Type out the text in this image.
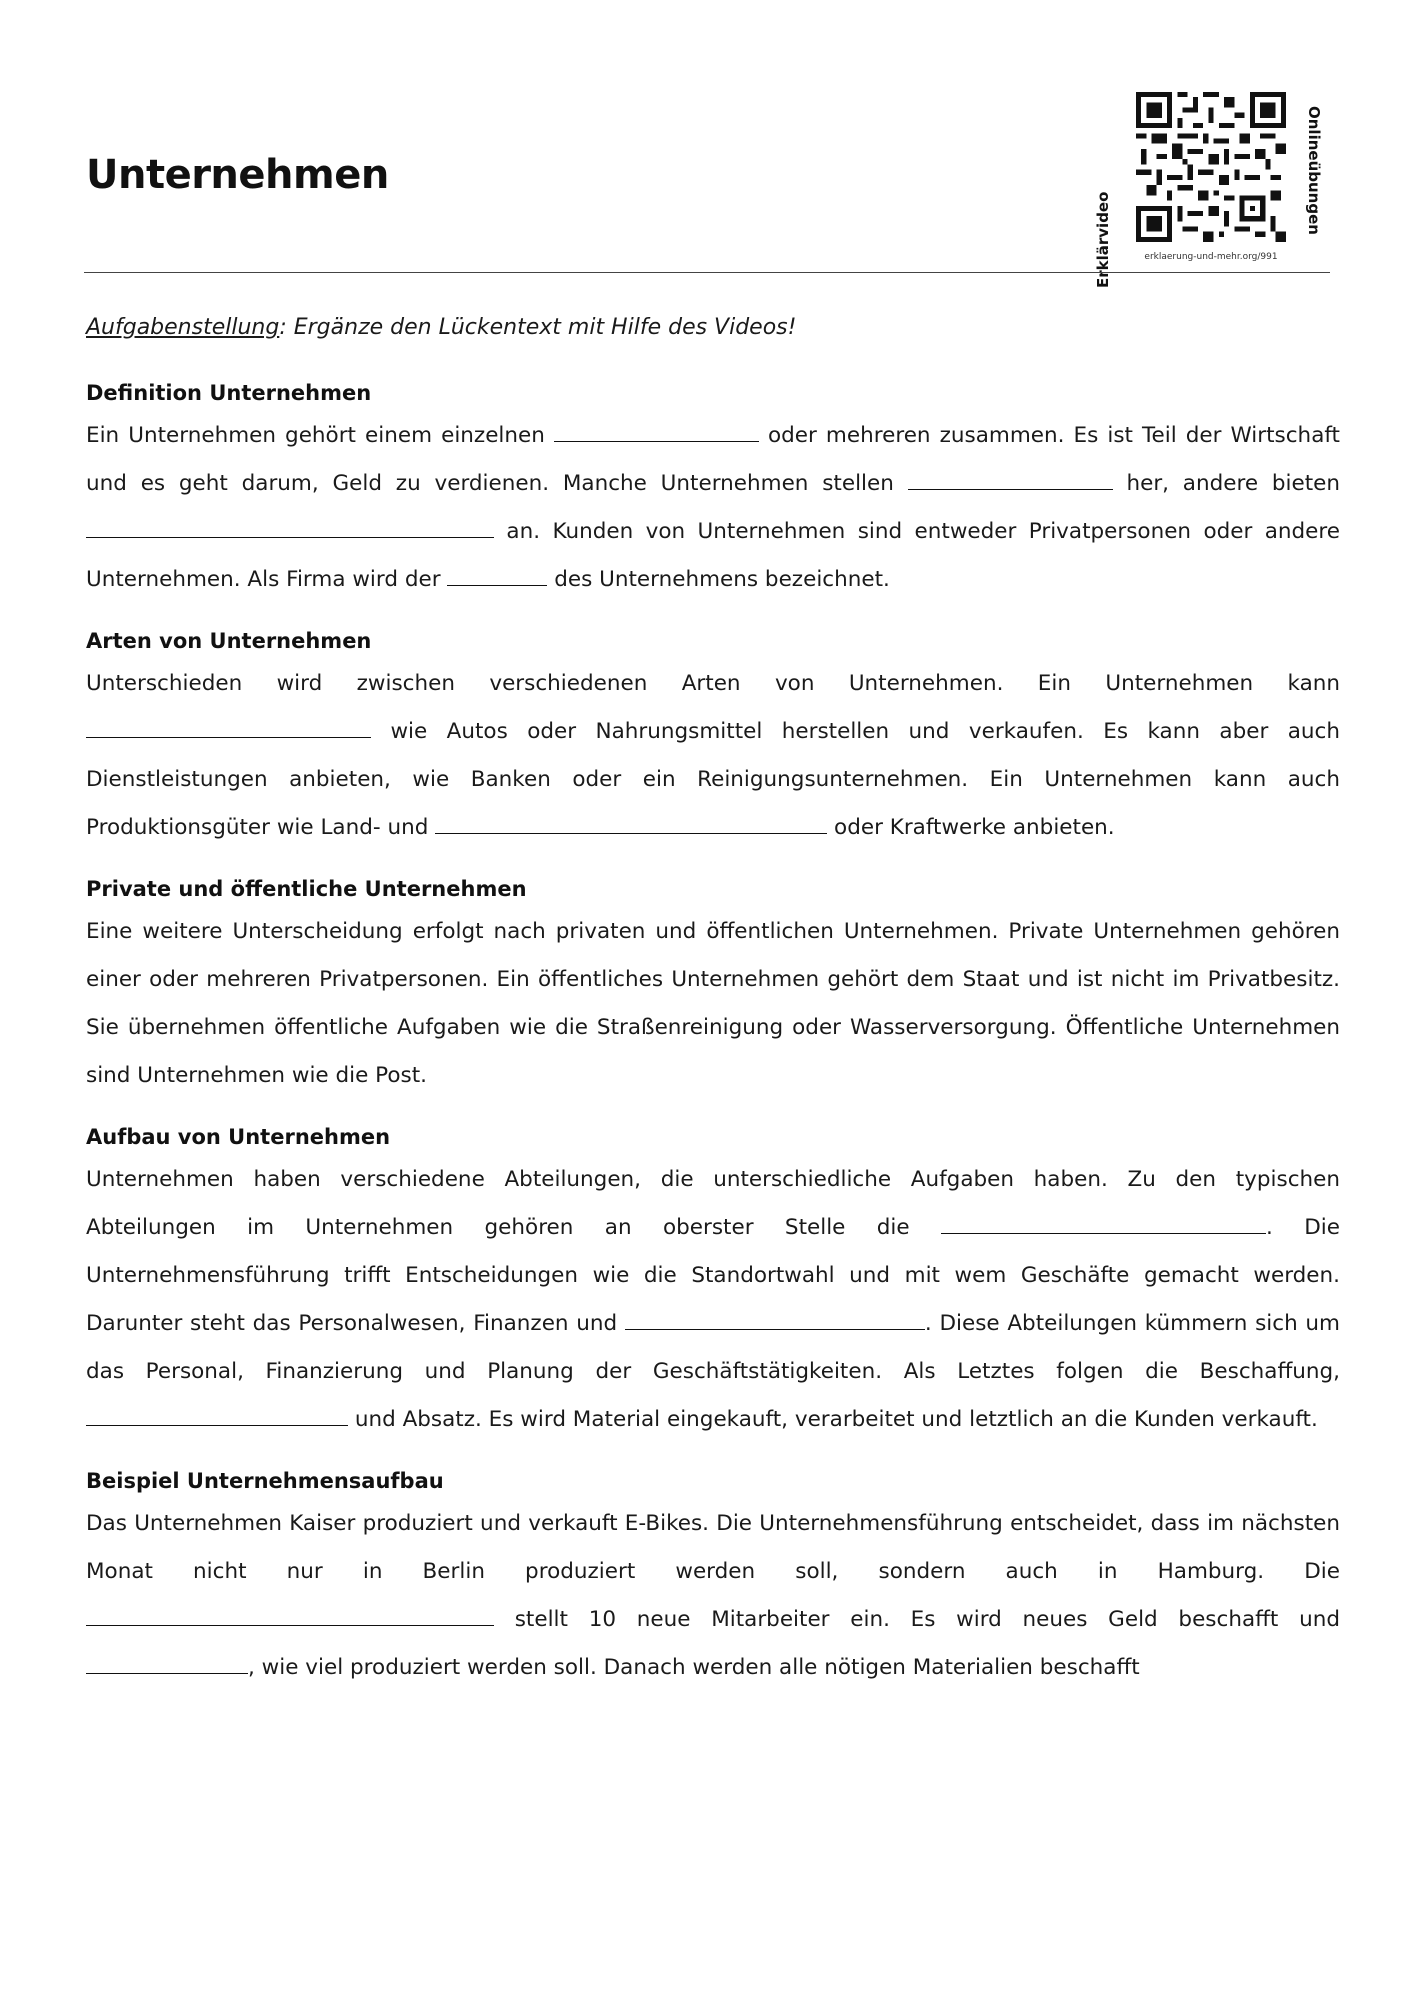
Unternehmen
Erklärvideo	erklaerung-und-mehr.org/991
Onlineübungen

Aufgabenstellung: Ergänze den Lückentext mit Hilfe des Videos!

Definition Unternehmen

Ein Unternehmen gehört einem einzelnen	oder mehreren zusammen. Es ist Teil der Wirtschaft und es geht darum, Geld zu verdienen. Manche Unternehmen stellen	her, andere bieten  an. Kunden von Unternehmen sind entweder Privatpersonen oder andere Unternehmen. Als Firma wird der	des Unternehmens bezeichnet.

Arten von Unternehmen

Unterschieden wird zwischen verschiedenen Arten von Unternehmen. Ein Unternehmen kann  wie Autos oder Nahrungsmittel herstellen und verkaufen. Es kann aber auch Dienstleistungen anbieten, wie Banken oder ein Reinigungsunternehmen. Ein Unternehmen kann auch Produktionsgüter wie Land- und	oder Kraftwerke anbieten.

Private und öffentliche Unternehmen

Eine weitere Unterscheidung erfolgt nach privaten und öffentlichen Unternehmen. Private Unternehmen gehören einer oder mehreren Privatpersonen. Ein öffentliches Unternehmen gehört dem Staat und ist nicht im Privatbesitz. Sie übernehmen öffentliche Aufgaben wie die Straßenreinigung oder Wasserversorgung. Öffentliche Unternehmen sind Unternehmen wie die Post.

Aufbau von Unternehmen

Unternehmen haben verschiedene Abteilungen, die unterschiedliche Aufgaben haben. Zu den typischen Abteilungen im Unternehmen gehören an oberster Stelle die	. Die Unternehmensführung trifft Entscheidungen wie die Standortwahl und mit wem Geschäfte gemacht werden. Darunter steht das Personalwesen, Finanzen und	. Diese Abteilungen kümmern sich um das Personal, Finanzierung und Planung der Geschäftstätigkeiten. Als Letztes folgen die Beschaffung,  und Absatz. Es wird Material eingekauft, verarbeitet und letztlich an die Kunden verkauft.

Beispiel Unternehmensaufbau

Das Unternehmen Kaiser produziert und verkauft E-Bikes. Die Unternehmensführung entscheidet, dass im nächsten Monat nicht nur in Berlin produziert werden soll, sondern auch in Hamburg. Die  stellt 10 neue Mitarbeiter ein. Es wird neues Geld beschafft und , wie viel produziert werden soll. Danach werden alle nötigen Materialien beschafft
